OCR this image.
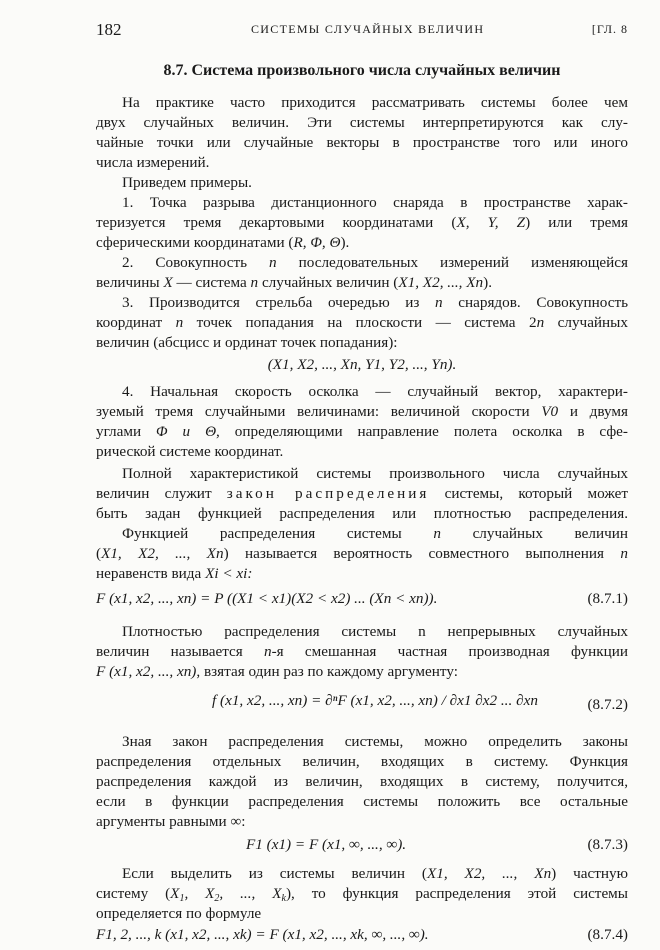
182	СИСТЕМЫ СЛУЧАЙНЫХ ВЕЛИЧИН	[ГЛ. 8
8.7. Система произвольного числа случайных величин
На практике часто приходится рассматривать системы более чем
двух случайных величин. Эти системы интерпретируются как слу-
чайные точки или случайные векторы в пространстве того или иного
числа измерений.
Приведем примеры.
1. Точка разрыва дистанционного снаряда в пространстве харак-
теризуется тремя декартовыми координатами (X, Y, Z) или тремя
сферическими координатами (R, Φ, Θ).
2. Совокупность n последовательных измерений изменяющейся
величины X — система n случайных величин (X1, X2, ..., Xn).
3. Производится стрельба очередью из n снарядов. Совокупность
координат n точек попадания на плоскости — система 2n случайных
величин (абсцисс и ординат точек попадания):
(X1, X2, ..., Xn, Y1, Y2, ..., Yn).
4. Начальная скорость осколка — случайный вектор, характери-
зуемый тремя случайными величинами: величиной скорости V0 и двумя
углами Φ и Θ, определяющими направление полета осколка в сфе-
рической системе координат.
Полной характеристикой системы произвольного числа случайных
величин служит закон распределения системы, который может
быть задан функцией распределения или плотностью распределения.
Функцией распределения системы n случайных величин
(X1, X2, ..., Xn) называется вероятность совместного выполнения n
неравенств вида Xi < xi:
F (x1, x2, ..., xn) = P ((X1 < x1)(X2 < x2) ... (Xn < xn)).	(8.7.1)
Плотностью распределения системы n непрерывных случайных
величин называется n-я смешанная частная производная функции
F (x1, x2, ..., xn), взятая один раз по каждому аргументу:
f (x1, x2, ..., xn) = ∂ⁿF (x1, x2, ..., xn) / ∂x1 ∂x2 ... ∂xn	(8.7.2)
Зная закон распределения системы, можно определить законы
распределения отдельных величин, входящих в систему. Функция
распределения каждой из величин, входящих в систему, получится,
если в функции распределения системы положить все остальные
аргументы равными ∞:
F1 (x1) = F (x1, ∞, ..., ∞).	(8.7.3)
Если выделить из системы величин (X1, X2, ..., Xn) частную
систему ($X_1$, $X_2$, ..., $X_k$), то функция распределения этой системы
определяется по формуле
F1, 2, ..., k (x1, x2, ..., xk) = F (x1, x2, ..., xk, ∞, ..., ∞).	(8.7.4)
